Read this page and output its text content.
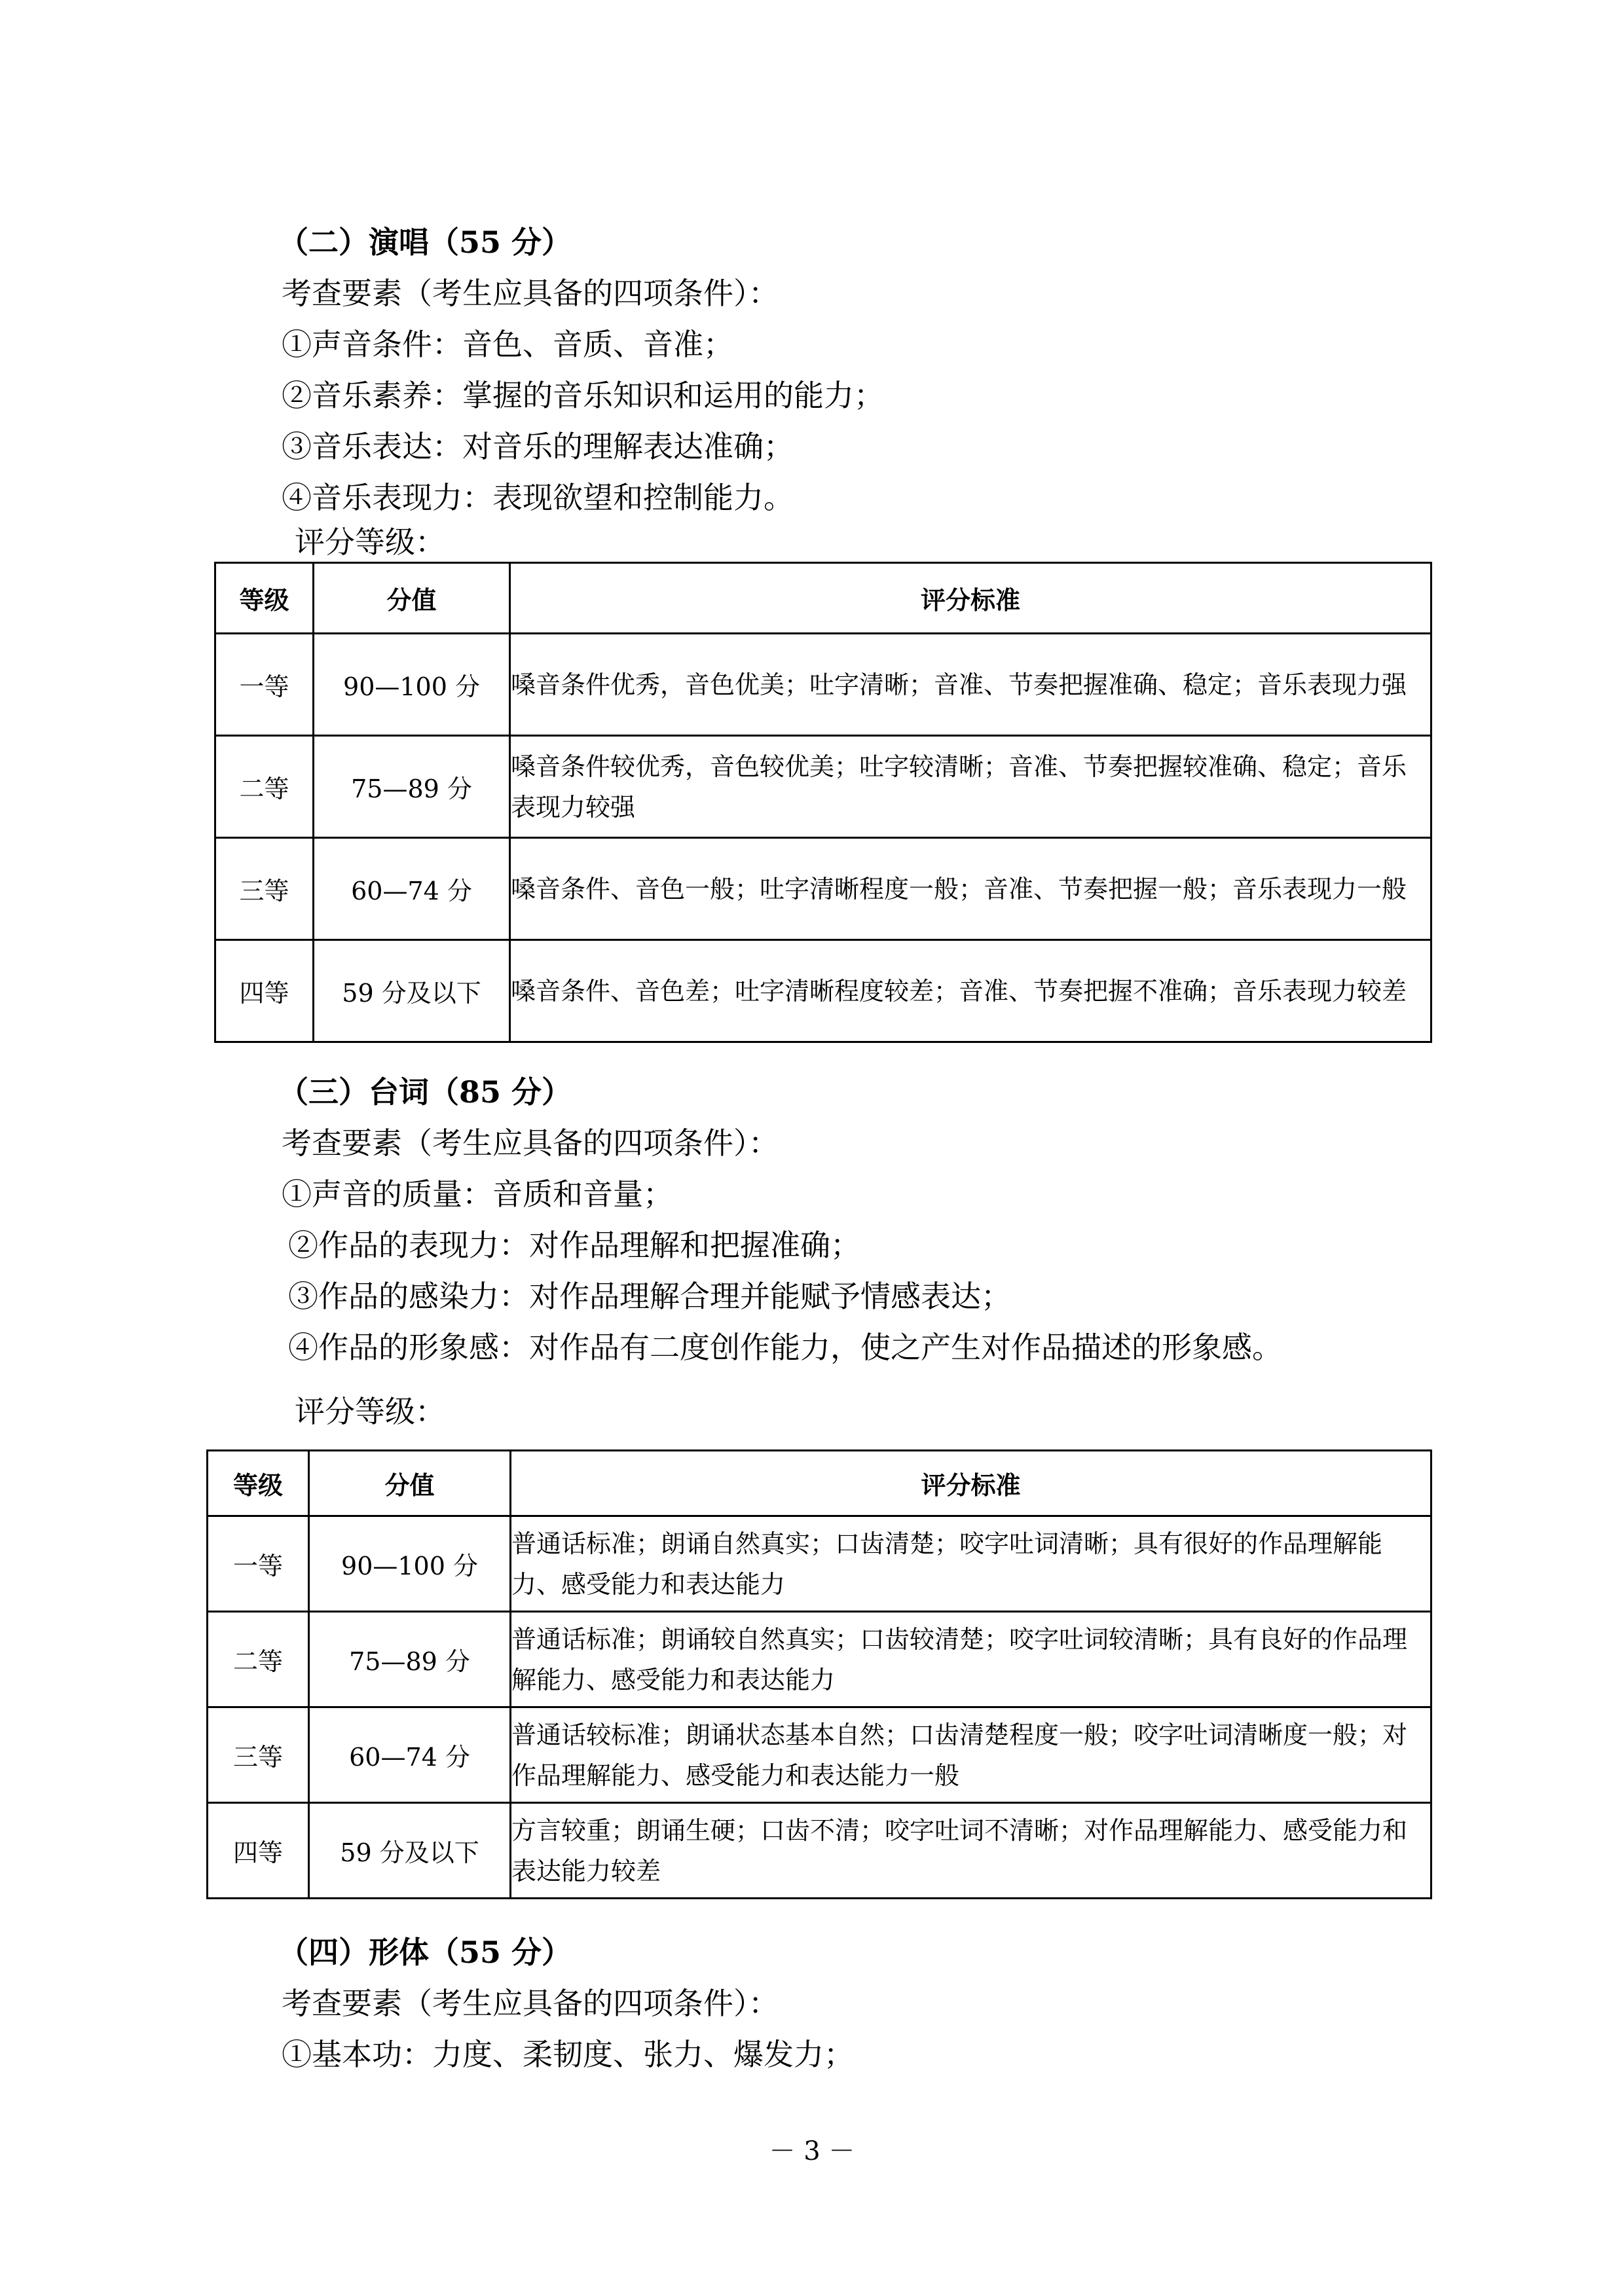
（二）演唱（55 分）
考查要素（考生应具备的四项条件）：
①声音条件：音色、音质、音准；
②音乐素养：掌握的音乐知识和运用的能力；
③音乐表达：对音乐的理解表达准确；
④音乐表现力：表现欲望和控制能力。
评分等级：
等级	分值	评分标准
一等	90—100 分	嗓音条件优秀，音色优美；吐字清晰；音准、节奏把握准确、稳定；音乐表现力强
二等	75—89 分	嗓音条件较优秀，音色较优美；吐字较清晰；音准、节奏把握较准确、稳定；音乐表现力较强
三等	60—74 分	嗓音条件、音色一般；吐字清晰程度一般；音准、节奏把握一般；音乐表现力一般
四等	59 分及以下	嗓音条件、音色差；吐字清晰程度较差；音准、节奏把握不准确；音乐表现力较差
（三）台词（85 分）
考查要素（考生应具备的四项条件）：
①声音的质量：音质和音量；
②作品的表现力：对作品理解和把握准确；
③作品的感染力：对作品理解合理并能赋予情感表达；
④作品的形象感：对作品有二度创作能力，使之产生对作品描述的形象感。
评分等级：
等级	分值	评分标准
一等	90—100 分	普通话标准；朗诵自然真实；口齿清楚；咬字吐词清晰；具有很好的作品理解能力、感受能力和表达能力
二等	75—89 分	普通话标准；朗诵较自然真实；口齿较清楚；咬字吐词较清晰；具有良好的作品理解能力、感受能力和表达能力
三等	60—74 分	普通话较标准；朗诵状态基本自然；口齿清楚程度一般；咬字吐词清晰度一般；对作品理解能力、感受能力和表达能力一般
四等	59 分及以下	方言较重；朗诵生硬；口齿不清；咬字吐词不清晰；对作品理解能力、感受能力和表达能力较差
（四）形体（55 分）
考查要素（考生应具备的四项条件）：
①基本功：力度、柔韧度、张力、爆发力；
－ 3 －
